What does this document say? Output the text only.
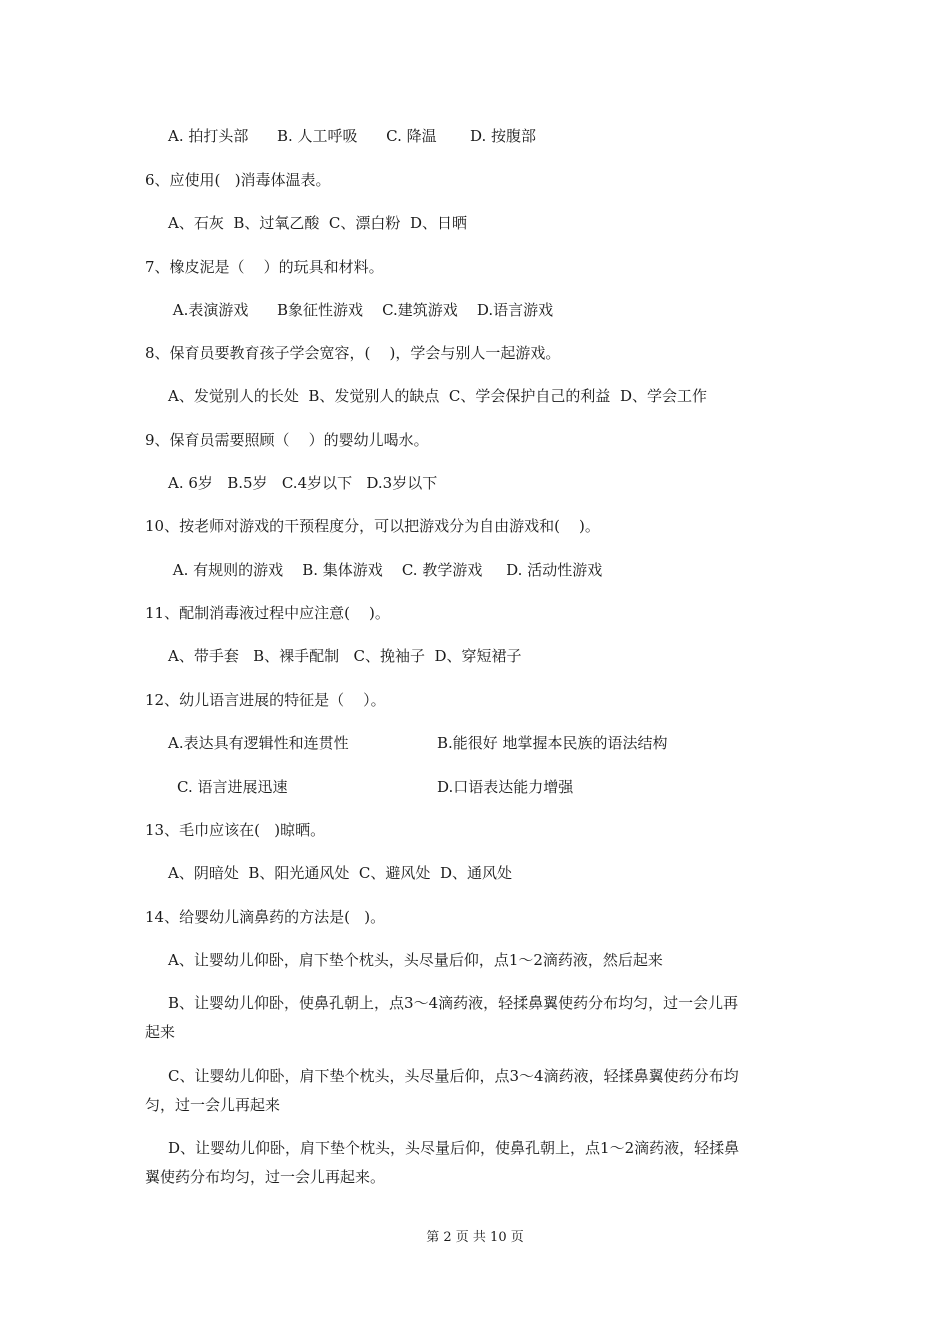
A. 拍打头部      B. 人工呼吸      C. 降温       D. 按腹部
6、应使用(   )消毒体温表。
A、石灰  B、过氧乙酸  C、漂白粉  D、日晒
7、橡皮泥是（    ）的玩具和材料。
A.表演游戏      B象征性游戏    C.建筑游戏    D.语言游戏
8、保育员要教育孩子学会宽容，(    )，学会与别人一起游戏。
A、发觉别人的长处  B、发觉别人的缺点  C、学会保护自己的利益  D、学会工作
9、保育员需要照顾（    ）的婴幼儿喝水。
A. 6岁   B.5岁   C.4岁以下   D.3岁以下
10、按老师对游戏的干预程度分，可以把游戏分为自由游戏和(    )。
A. 有规则的游戏    B. 集体游戏    C. 教学游戏     D. 活动性游戏
11、配制消毒液过程中应注意(    )。
A、带手套   B、裸手配制   C、挽袖子  D、穿短裙子
12、幼儿语言进展的特征是（    ）。
A.表达具有逻辑性和连贯性	B.能很好 地掌握本民族的语法结构
C. 语言进展迅速	D.口语表达能力增强
13、毛巾应该在(   )晾晒。
A、阴暗处  B、阳光通风处  C、避风处  D、通风处
14、给婴幼儿滴鼻药的方法是(   )。
A、让婴幼儿仰卧，肩下垫个枕头，头尽量后仰，点1～2滴药液，然后起来
B、让婴幼儿仰卧，使鼻孔朝上，点3～4滴药液，轻揉鼻翼使药分布均匀，过一会儿再
起来
C、让婴幼儿仰卧，肩下垫个枕头，头尽量后仰，点3～4滴药液，轻揉鼻翼使药分布均
匀，过一会儿再起来
D、让婴幼儿仰卧，肩下垫个枕头，头尽量后仰，使鼻孔朝上，点1～2滴药液，轻揉鼻
翼使药分布均匀，过一会儿再起来。
第 2 页 共 10 页
